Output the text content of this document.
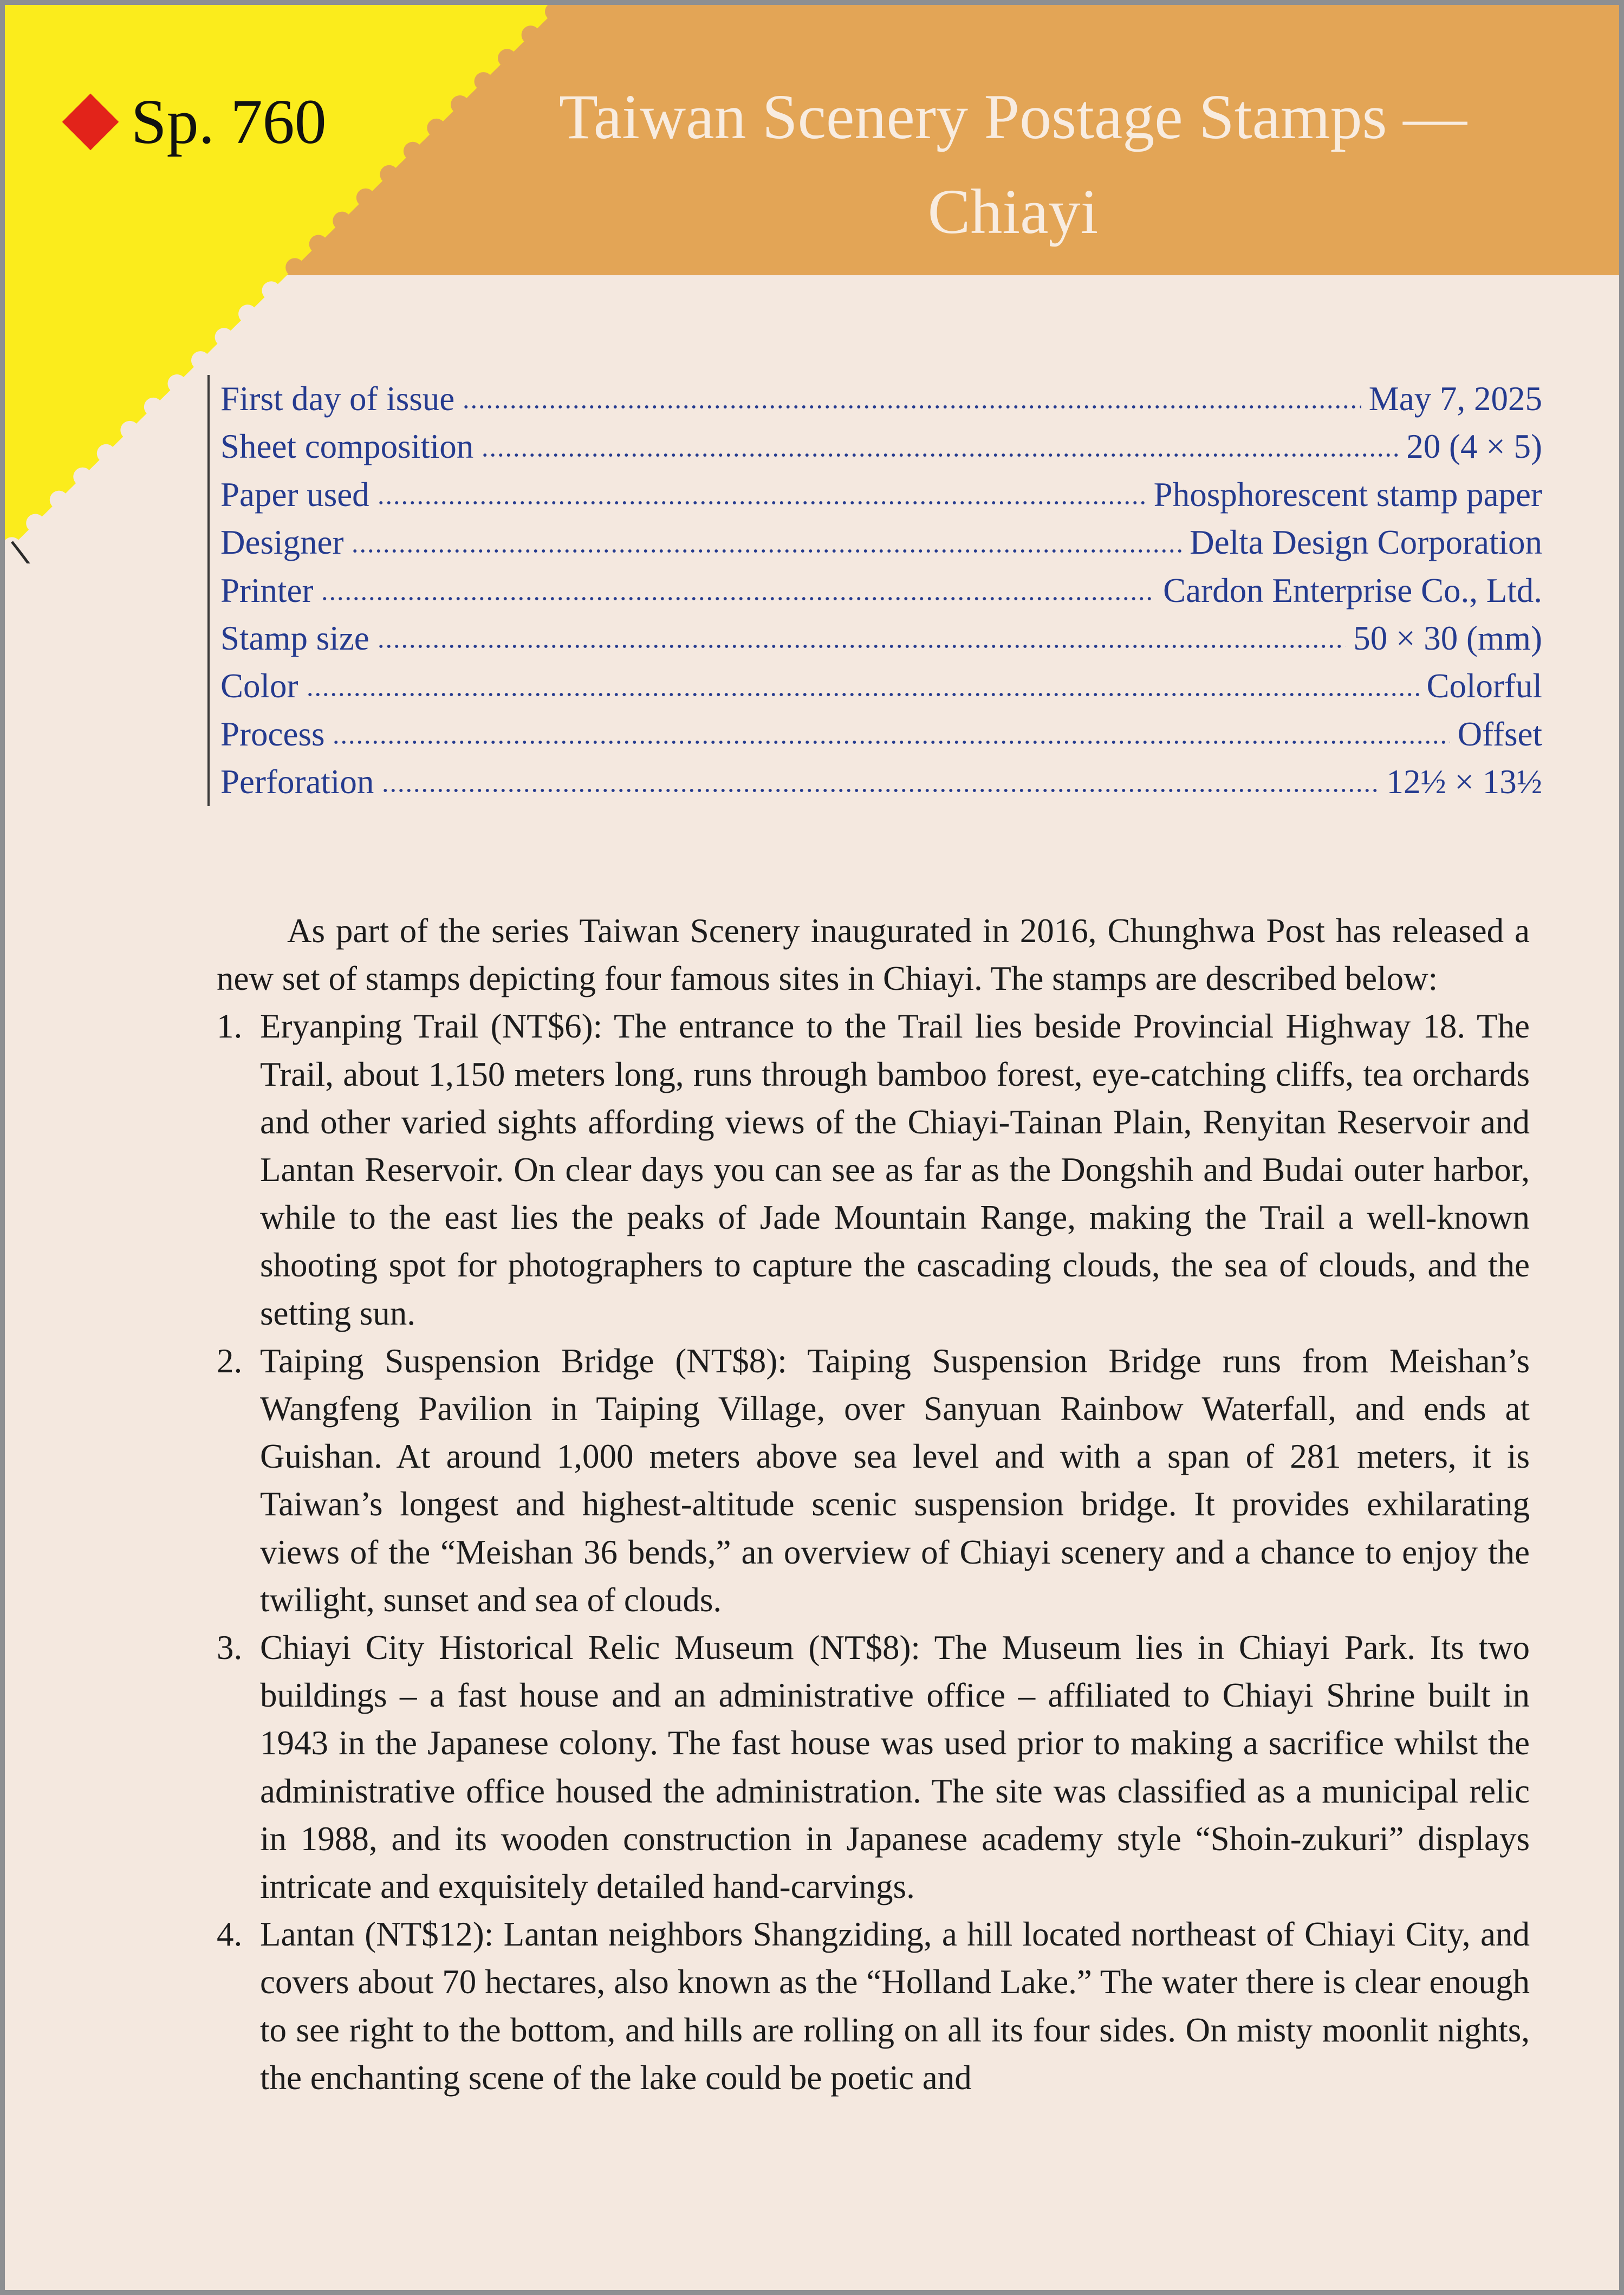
Sp. 760	Taiwan Scenery Postage Stamps —
Chiayi
First day of issue	May 7, 2025
Sheet composition	20 (4 × 5)
Paper used	Phosphorescent stamp paper
Designer	Delta Design Corporation
Printer	Cardon Enterprise Co., Ltd.
Stamp size	50 × 30 (mm)
Color	Colorful
Process	Offset
Perforation	12½ × 13½

As part of the series Taiwan Scenery inaugurated in 2016, Chunghwa Post has released a new set of stamps depicting four famous sites in Chiayi. The stamps are described below:

1. Eryanping Trail (NT$6): The entrance to the Trail lies beside Provincial Highway 18. The Trail, about 1,150 meters long, runs through bamboo forest, eye-catching cliffs, tea orchards and other varied sights affording views of the Chiayi-Tainan Plain, Renyitan Reservoir and Lantan Reservoir. On clear days you can see as far as the Dongshih and Budai outer harbor, while to the east lies the peaks of Jade Mountain Range, making the Trail a well-known shooting spot for photographers to capture the cascading clouds, the sea of clouds, and the setting sun.
2. Taiping Suspension Bridge (NT$8): Taiping Suspension Bridge runs from Meishan’s Wangfeng Pavilion in Taiping Village, over Sanyuan Rainbow Waterfall, and ends at Guishan. At around 1,000 meters above sea level and with a span of 281 meters, it is Taiwan’s longest and highest-altitude scenic suspension bridge. It provides exhilarating views of the “Meishan 36 bends,” an overview of Chiayi scenery and a chance to enjoy the twilight, sunset and sea of clouds.
3. Chiayi City Historical Relic Museum (NT$8): The Museum lies in Chiayi Park. Its two buildings – a fast house and an administrative office – affiliated to Chiayi Shrine built in 1943 in the Japanese colony. The fast house was used prior to making a sacrifice whilst the administrative office housed the administration. The site was classified as a municipal relic in 1988, and its wooden construction in Japanese academy style “Shoin-zukuri” displays intricate and exquisitely detailed hand-carvings.
4. Lantan (NT$12): Lantan neighbors Shangziding, a hill located northeast of Chiayi City, and covers about 70 hectares, also known as the “Holland Lake.” The water there is clear enough to see right to the bottom, and hills are rolling on all its four sides. On misty moonlit nights, the enchanting scene of the lake could be poetic and
